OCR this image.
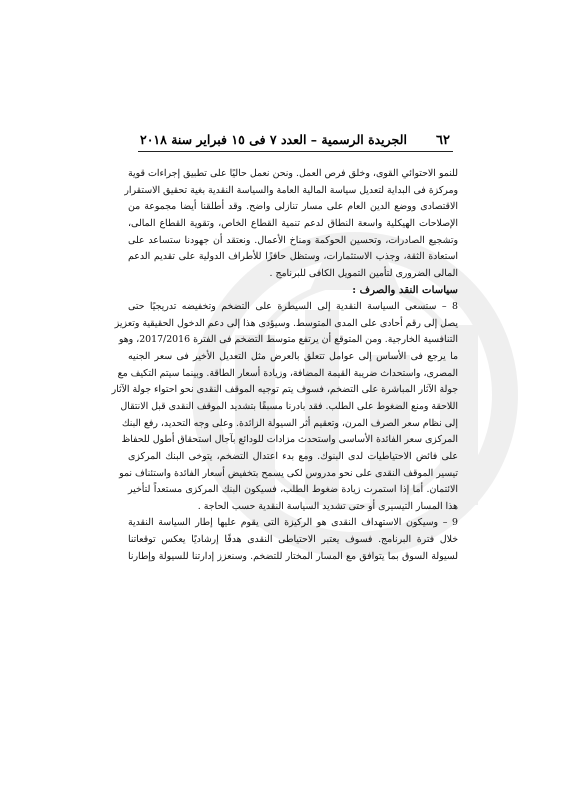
٦٢
الجريدة الرسمية – العدد ٧ فى ١٥ فبراير سنة ٢٠١٨
للنمو الاحتوائي القوى، وخلق فرص العمل. ونحن نعمل حاليًا على تطبيق إجراءات قوية
ومركزة فى البداية لتعديل سياسة المالية العامة والسياسة النقدية بغية تحقيق الاستقرار
الاقتصادى ووضع الدين العام على مسار تنازلى واضح. وقد أطلقنا أيضا مجموعة من
الإصلاحات الهيكلية واسعة النطاق لدعم تنمية القطاع الخاص، وتقوية القطاع المالى،
وتشجيع الصادرات، وتحسين الحوكمة ومناخ الأعمال. ونعتقد أن جهودنا ستساعد على
استعادة الثقة، وجذب الاستثمارات، وستظل حافزًا للأطراف الدولية على تقديم الدعم
المالى الضرورى لتأمين التمويل الكافى للبرنامج .
سياسات النقد والصرف :
8 – ستسعى السياسة النقدية إلى السيطرة على التضخم وتخفيضه تدريجيًا حتى
يصل إلى رقم أحادى على المدى المتوسط. وسيؤدى هذا إلى دعم الدخول الحقيقية وتعزيز
التنافسية الخارجية. ومن المتوقع أن يرتفع متوسط التضخم فى الفترة 2017/2016، وهو
ما يرجع فى الأساس إلى عوامل تتعلق بالعرض مثل التعديل الأخير فى سعر الجنيه
المصرى، واستحداث ضريبة القيمة المضافة، وزيادة أسعار الطاقة. وبينما سيتم التكيف مع
جولة الآثار المباشرة على التضخم، فسوف يتم توجيه الموقف النقدى نحو احتواء جولة الآثار
اللاحقة ومنع الضغوط على الطلب. فقد بادرنا مسبقًا بتشديد الموقف النقدى قبل الانتقال
إلى نظام سعر الصرف المرن، وتعقيم أثر السيولة الزائدة. وعلى وجه التحديد، رفع البنك
المركزى سعر الفائدة الأساسى واستحدث مزادات للودائع بآجال استحقاق أطول للحفاظ
على فائض الاحتياطيات لدى البنوك. ومع بدء اعتدال التضخم، يتوخى البنك المركزى
تيسير الموقف النقدى على نحو مدروس لكى يسمح بتخفيض أسعار الفائدة واستئناف نمو
الائتمان. أما إذا استمرت زيادة ضغوط الطلب، فسيكون البنك المركزى مستعداً لتأخير
هذا المسار التيسيرى أو حتى تشديد السياسة النقدية حسب الحاجة .
9 – وسيكون الاستهداف النقدى هو الركيزة التى يقوم عليها إطار السياسة النقدية
خلال فترة البرنامج. فسوف يعتبر الاحتياطى النقدى هدفًا إرشاديًا يعكس توقعاتنا
لسيولة السوق بما يتوافق مع المسار المختار للتضخم. وسنعزز إدارتنا للسيولة وإطارنا
